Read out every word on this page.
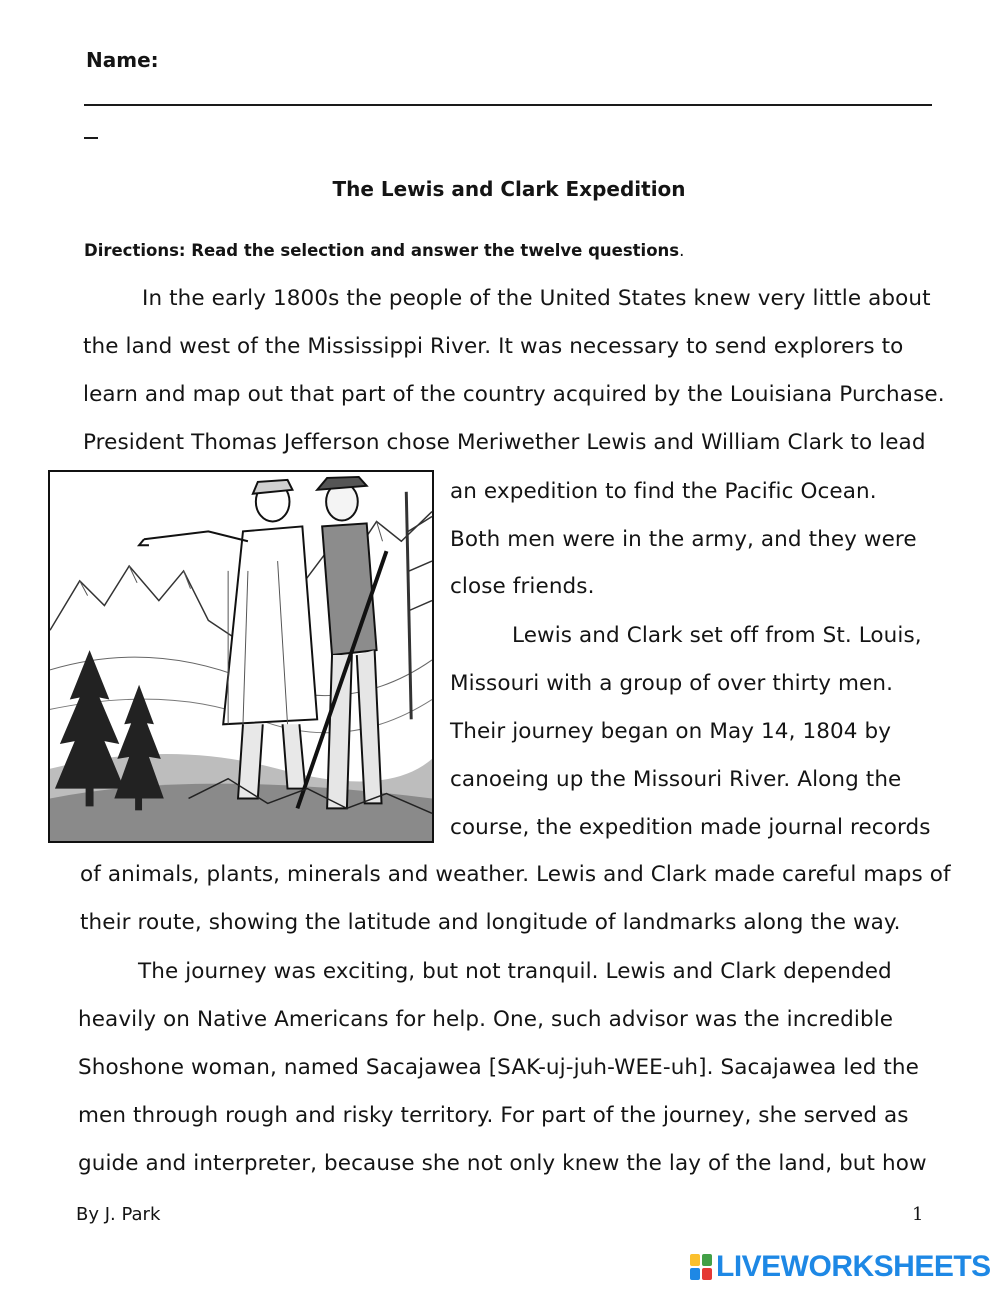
Name:
The Lewis and Clark Expedition

Directions: Read the selection and answer the twelve questions.

In the early 1800s the people of the United States knew very little about

the land west of the Mississippi River. It was necessary to send explorers to

learn and map out that part of the country acquired by the Louisiana Purchase.

President Thomas Jefferson chose Meriwether Lewis and William Clark to lead

an expedition to find the Pacific Ocean.

Both men were in the army, and they were

close friends.

Lewis and Clark set off from St. Louis,

Missouri with a group of over thirty men.

Their journey began on May 14, 1804 by

canoeing up the Missouri River. Along the

course, the expedition made journal records

of animals, plants, minerals and weather. Lewis and Clark made careful maps of

their route, showing the latitude and longitude of landmarks along the way.

The journey was exciting, but not tranquil. Lewis and Clark depended

heavily on Native Americans for help. One, such advisor was the incredible

Shoshone woman, named Sacajawea [SAK-uj-juh-WEE-uh]. Sacajawea led the

men through rough and risky territory. For part of the journey, she served as

guide and interpreter, because she not only knew the lay of the land, but how

By J. Park	1
LIVEWORKSHEETS
